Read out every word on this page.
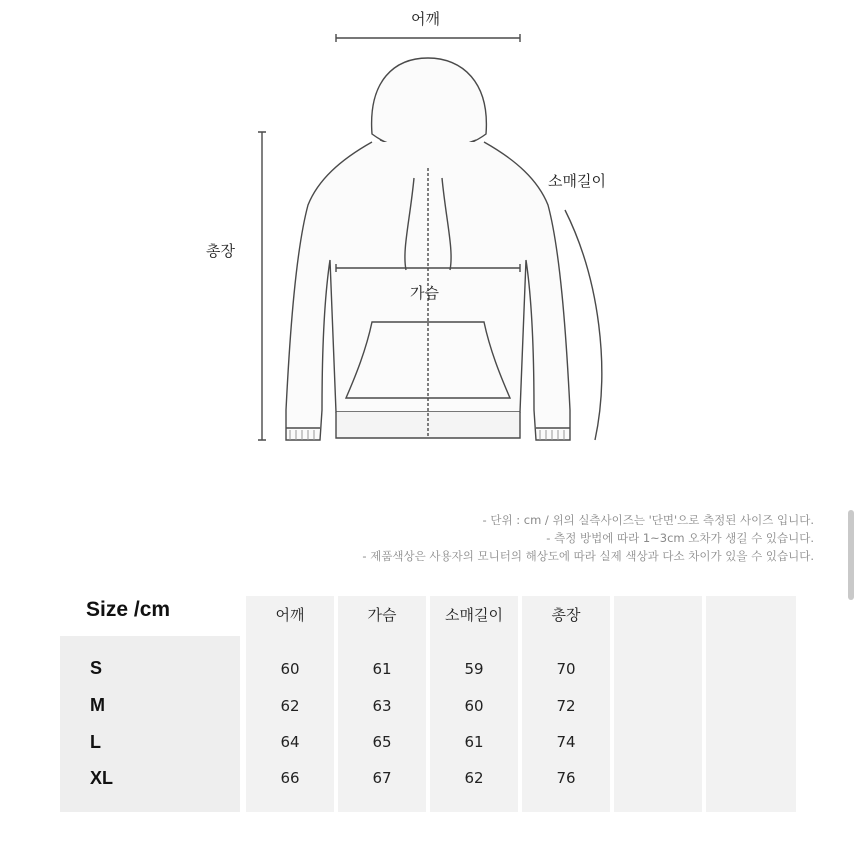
어깨
소매길이
총장
가슴
- 단위 : cm / 위의 실측사이즈는 '단면'으로 측정된 사이즈 입니다.
- 측정 방법에 따라 1~3cm 오차가 생길 수 있습니다.
- 제품색상은 사용자의 모니터의 해상도에 따라 실제 색상과 다소 차이가 있을 수 있습니다.
Size /cm	어깨	가슴	소매길이	총장
S	60	61	59	70
M	62	63	60	72
L	64	65	61	74
XL	66	67	62	76
